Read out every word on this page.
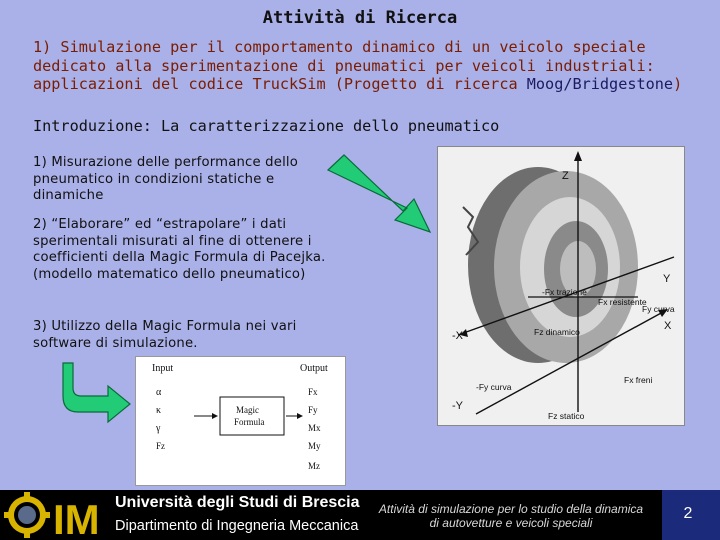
Attività di Ricerca
1) Simulazione per il comportamento dinamico di un veicolo speciale
dedicato alla sperimentazione di pneumatici per veicoli industriali:
applicazioni del codice TruckSim (Progetto di ricerca Moog/Bridgestone)
Introduzione: La caratterizzazione dello pneumatico
1) Misurazione delle performance dello pneumatico in condizioni statiche e dinamiche
2) “Elaborare” ed “estrapolare” i dati sperimentali misurati al fine di ottenere i coefficienti della Magic Formula di Pacejka.(modello matematico dello pneumatico)
3) Utilizzo della Magic Formula nei vari software di simulazione.
Z
-Fx trazione
Fx resistente
Y
Fy curva
-X	Fz dinamico	X
-Fy curva
Fx freni
-Y
Fz statico
Input	Output
α
κ
γ
Fz
Magic
Formula
Fx
Fy
Mx
My
Mz
IM Università degli Studi di Brescia
Dipartimento di Ingegneria Meccanica
Attività di simulazione per lo studio della dinamica
di autovetture e veicoli speciali
2
